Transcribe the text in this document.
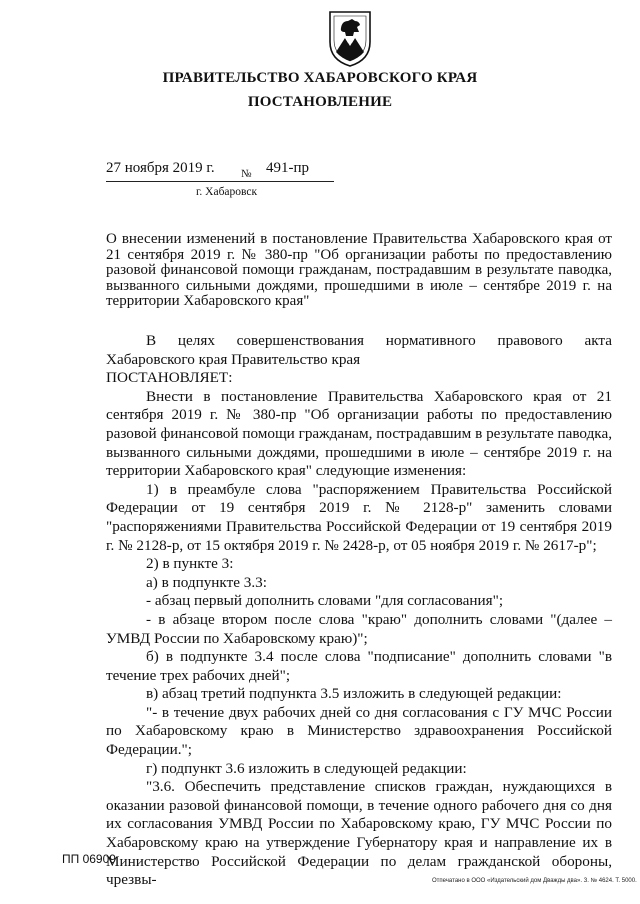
ПРАВИТЕЛЬСТВО ХАБАРОВСКОГО КРАЯ
ПОСТАНОВЛЕНИЕ
27 ноября 2019 г. № 491-пр
г. Хабаровск
О внесении изменений в постановление Правительства Хабаровского края от 21 сентября 2019 г. № 380-пр "Об организации работы по предоставлению разовой финансовой помощи гражданам, пострадавшим в результате паводка, вызванного сильными дождями, прошедшими в июле – сентябре 2019 г. на территории Хабаровского края"

В целях совершенствования нормативного правового акта Хабаровского края Правительство края

ПОСТАНОВЛЯЕТ:

Внести в постановление Правительства Хабаровского края от 21 сентября 2019 г. № 380-пр "Об организации работы по предоставлению разовой финансовой помощи гражданам, пострадавшим в результате паводка, вызванного сильными дождями, прошедшими в июле – сентябре 2019 г. на территории Хабаровского края" следующие изменения:

1) в преамбуле слова "распоряжением Правительства Российской Федерации от 19 сентября 2019 г. № 2128-р" заменить словами "распоряжениями Правительства Российской Федерации от 19 сентября 2019 г. № 2128-р, от 15 октября 2019 г. № 2428-р, от 05 ноября 2019 г. № 2617-р";

2) в пункте 3:

а) в подпункте 3.3:

- абзац первый дополнить словами "для согласования";

- в абзаце втором после слова "краю" дополнить словами "(далее – УМВД России по Хабаровскому краю)";

б) в подпункте 3.4 после слова "подписание" дополнить словами "в течение трех рабочих дней";

в) абзац третий подпункта 3.5 изложить в следующей редакции:

"- в течение двух рабочих дней со дня согласования с ГУ МЧС России по Хабаровскому краю в Министерство здравоохранения Российской Федерации.";

г) подпункт 3.6 изложить в следующей редакции:

"3.6. Обеспечить представление списков граждан, нуждающихся в оказании разовой финансовой помощи, в течение одного рабочего дня со дня их согласования УМВД России по Хабаровскому краю, ГУ МЧС России по Хабаровскому краю на утверждение Губернатору края и направление их в Министерство Российской Федерации по делам гражданской обороны, чрезвы-

ПП 06909
Отпечатано в ООО «Издательский дом Дважды два». З. № 4624. Т. 5000.
